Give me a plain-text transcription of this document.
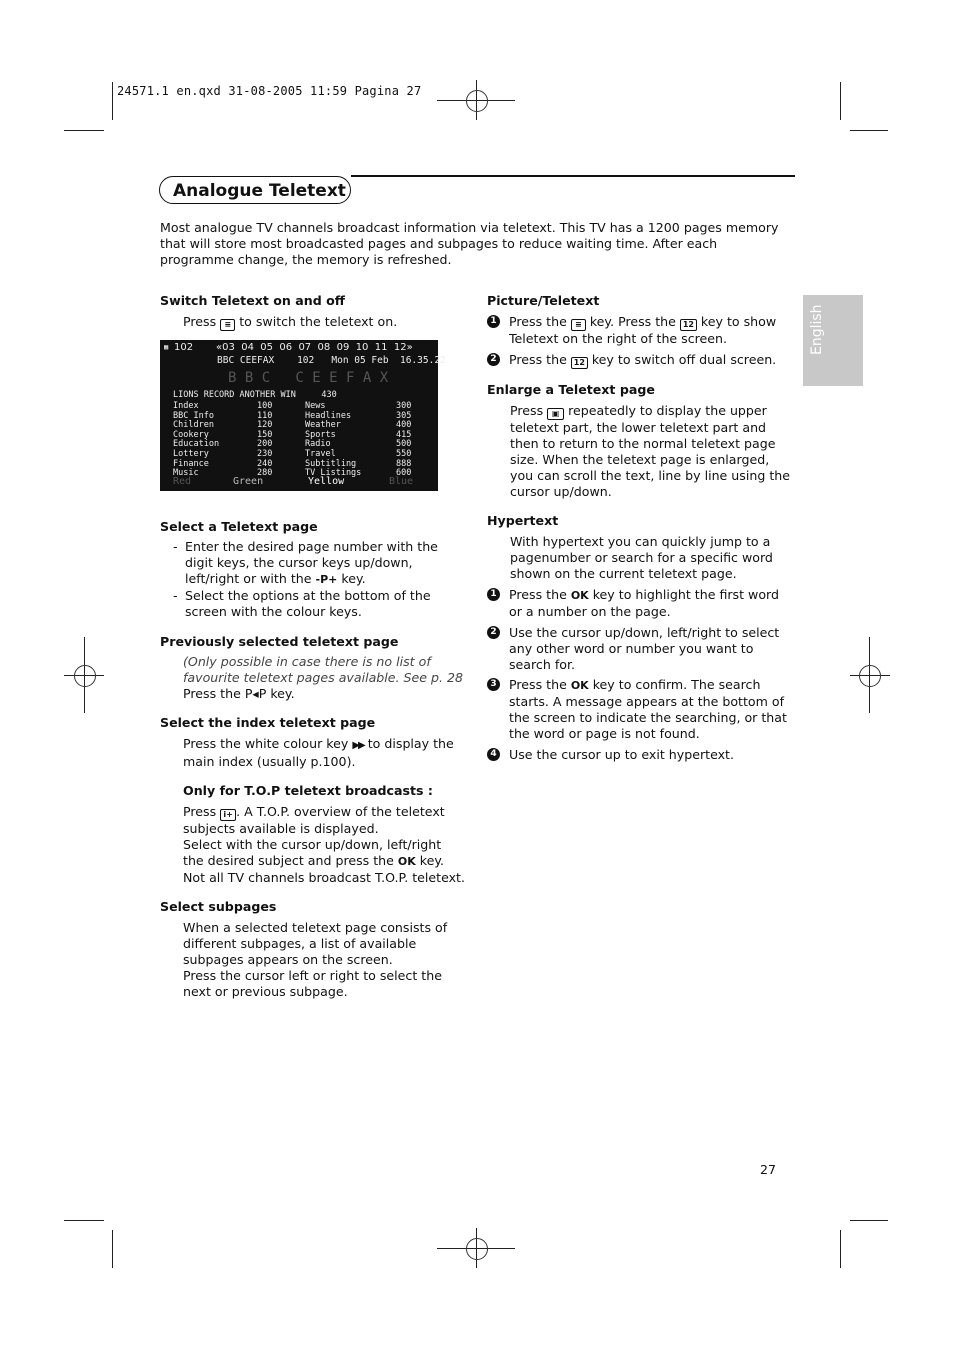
24571.1 en.qxd 31-08-2005 11:59 Pagina 27
Analogue Teletext
Most analogue TV channels broadcast information via teletext. This TV has a 1200 pages memory that will store most broadcasted pages and subpages to reduce waiting time. After each programme change, the memory is refreshed.
English
Switch Teletext on and off
Press ≡ to switch the teletext on.
▦ 102 «03  04  05  06  07  08  09  10  11  12»
BBC CEEFAX    102   Mon 05 Feb  16.35.22
B B C   C E E F A X
LIONS RECORD ANOTHER WIN     430
Index	100	News	300
BBC Info	110	Headlines	305
Children	120	Weather	400
Cookery	150	Sports	415
Education	200	Radio	500
Lottery	230	Travel	550
Finance	240	Subtitling	888
Music	280	TV Listings	600
Red	Green	Yellow	Blue
Select a Teletext page
- Enter the desired page number with the digit keys, the cursor keys up/down, left/right or with the -P+ key.
- Select the options at the bottom of the screen with the colour keys.
Previously selected teletext page
(Only possible in case there is no list of favourite teletext pages available. See p. 28
Press the P◂P key.
Select the index teletext page
Press the white colour key ▶▶ to display the main index (usually p.100).
Only for T.O.P teletext broadcasts :
Press i+ . A T.O.P. overview of the teletext subjects available is displayed.
Select with the cursor up/down, left/right the desired subject and press the OK key.
Not all TV channels broadcast T.O.P. teletext.
Select subpages
When a selected teletext page consists of different subpages, a list of available subpages appears on the screen.
Press the cursor left or right to select the next or previous subpage.
Picture/Teletext
1 Press the ≡ key. Press the 12 key to show Teletext on the right of the screen.
2 Press the 12 key to switch off dual screen.
Enlarge a Teletext page
Press ▣ repeatedly to display the upper teletext part, the lower teletext part and then to return to the normal teletext page size. When the teletext page is enlarged, you can scroll the text, line by line using the cursor up/down.
Hypertext
With hypertext you can quickly jump to a pagenumber or search for a specific word shown on the current teletext page.
1 Press the OK key to highlight the first word or a number on the page.
2 Use the cursor up/down, left/right to select any other word or number you want to search for.
3 Press the OK key to confirm. The search starts. A message appears at the bottom of the screen to indicate the searching, or that the word or page is not found.
4 Use the cursor up to exit hypertext.
27
